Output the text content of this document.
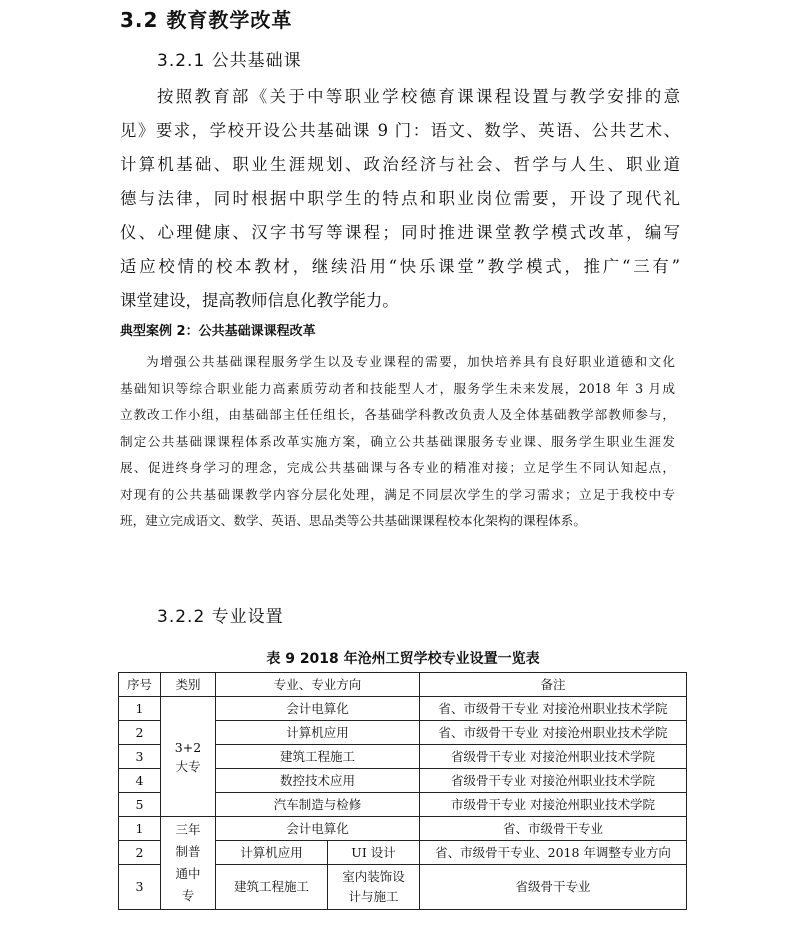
3.2 教育教学改革
3.2.1 公共基础课
按照教育部《关于中等职业学校德育课课程设置与教学安排的意
见》要求，学校开设公共基础课 9 门：语文、数学、英语、公共艺术、
计算机基础、职业生涯规划、政治经济与社会、哲学与人生、职业道
德与法律，同时根据中职学生的特点和职业岗位需要，开设了现代礼
仪、心理健康、汉字书写等课程；同时推进课堂教学模式改革，编写
适应校情的校本教材，继续沿用“快乐课堂”教学模式，推广“三有”
课堂建设，提高教师信息化教学能力。
典型案例 2：公共基础课课程改革
为增强公共基础课程服务学生以及专业课程的需要，加快培养具有良好职业道德和文化
基础知识等综合职业能力高素质劳动者和技能型人才，服务学生未来发展，2018 年 3 月成
立教改工作小组，由基础部主任任组长，各基础学科教改负责人及全体基础教学部教师参与，
制定公共基础课课程体系改革实施方案，确立公共基础课服务专业课、服务学生职业生涯发
展、促进终身学习的理念，完成公共基础课与各专业的精准对接；立足学生不同认知起点，
对现有的公共基础课教学内容分层化处理，满足不同层次学生的学习需求；立足于我校中专
班，建立完成语文、数学、英语、思品类等公共基础课课程校本化架构的课程体系。
3.2.2 专业设置
表 9 2018 年沧州工贸学校专业设置一览表
序号	类别	专业、专业方向		备注
1	3+2 大专	会计电算化		省、市级骨干专业 对接沧州职业技术学院
2		计算机应用		省、市级骨干专业 对接沧州职业技术学院
3		建筑工程施工		省级骨干专业 对接沧州职业技术学院
4		数控技术应用		省级骨干专业 对接沧州职业技术学院
5		汽车制造与检修		市级骨干专业 对接沧州职业技术学院
1	三年制普通中专	会计电算化		省、市级骨干专业
2		计算机应用	UI 设计	省、市级骨干专业、2018 年调整专业方向
3		建筑工程施工	室内装饰设计与施工	省级骨干专业
